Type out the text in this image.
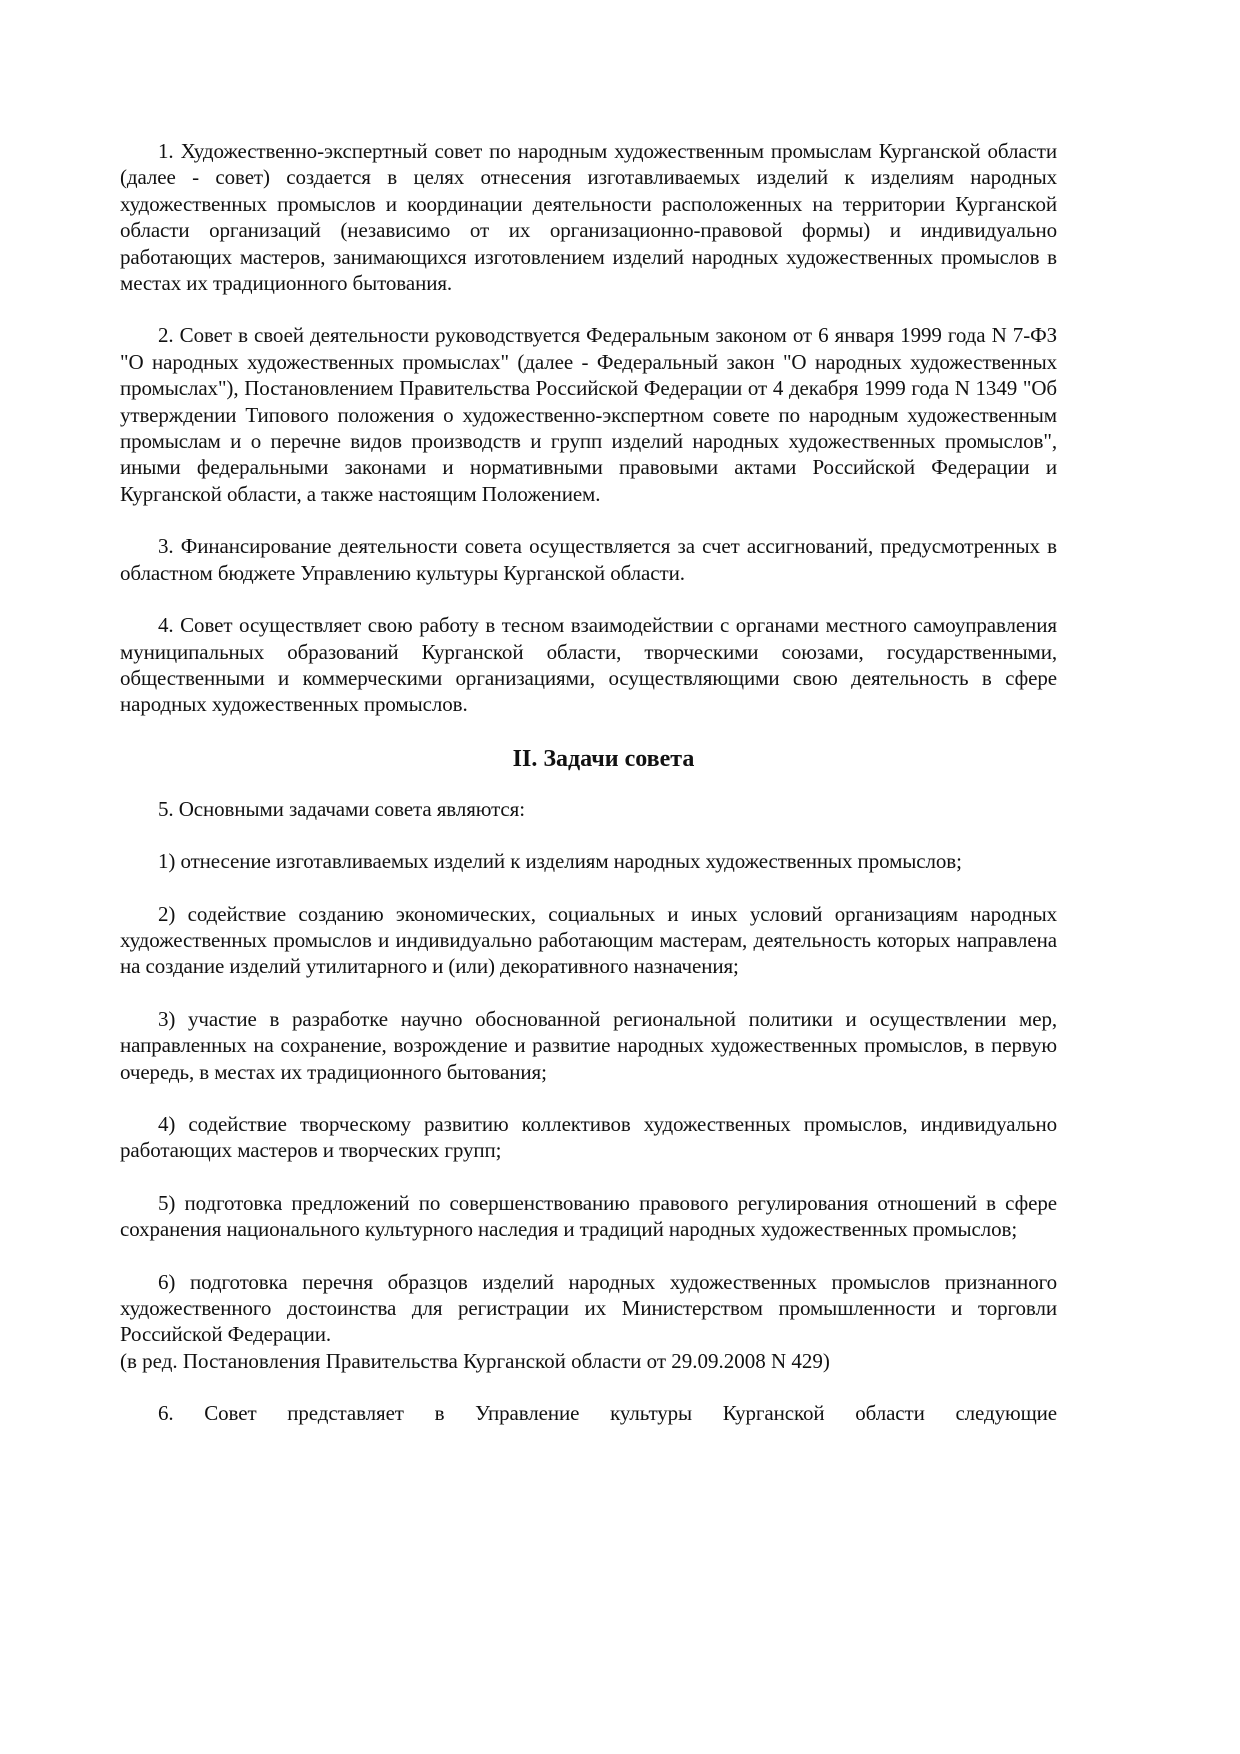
1. Художественно-экспертный совет по народным художественным промыслам Курганской области (далее - совет) создается в целях отнесения изготавливаемых изделий к изделиям народных художественных промыслов и координации деятельности расположенных на территории Курганской области организаций (независимо от их организационно-правовой формы) и индивидуально работающих мастеров, занимающихся изготовлением изделий народных художественных промыслов в местах их традиционного бытования.

2. Совет в своей деятельности руководствуется Федеральным законом от 6 января 1999 года N 7-ФЗ "О народных художественных промыслах" (далее - Федеральный закон "О народных художественных промыслах"), Постановлением Правительства Российской Федерации от 4 декабря 1999 года N 1349 "Об утверждении Типового положения о художественно-экспертном совете по народным художественным промыслам и о перечне видов производств и групп изделий народных художественных промыслов", иными федеральными законами и нормативными правовыми актами Российской Федерации и Курганской области, а также настоящим Положением.

3. Финансирование деятельности совета осуществляется за счет ассигнований, предусмотренных в областном бюджете Управлению культуры Курганской области.

4. Совет осуществляет свою работу в тесном взаимодействии с органами местного самоуправления муниципальных образований Курганской области, творческими союзами, государственными, общественными и коммерческими организациями, осуществляющими свою деятельность в сфере народных художественных промыслов.

II. Задачи совета

5. Основными задачами совета являются:

1) отнесение изготавливаемых изделий к изделиям народных художественных промыслов;

2) содействие созданию экономических, социальных и иных условий организациям народных художественных промыслов и индивидуально работающим мастерам, деятельность которых направлена на создание изделий утилитарного и (или) декоративного назначения;

3) участие в разработке научно обоснованной региональной политики и осуществлении мер, направленных на сохранение, возрождение и развитие народных художественных промыслов, в первую очередь, в местах их традиционного бытования;

4) содействие творческому развитию коллективов художественных промыслов, индивидуально работающих мастеров и творческих групп;

5) подготовка предложений по совершенствованию правового регулирования отношений в сфере сохранения национального культурного наследия и традиций народных художественных промыслов;

6) подготовка перечня образцов изделий народных художественных промыслов признанного художественного достоинства для регистрации их Министерством промышленности и торговли Российской Федерации.

(в ред. Постановления Правительства Курганской области от 29.09.2008 N 429)

6. Совет представляет в Управление культуры Курганской области следующие
